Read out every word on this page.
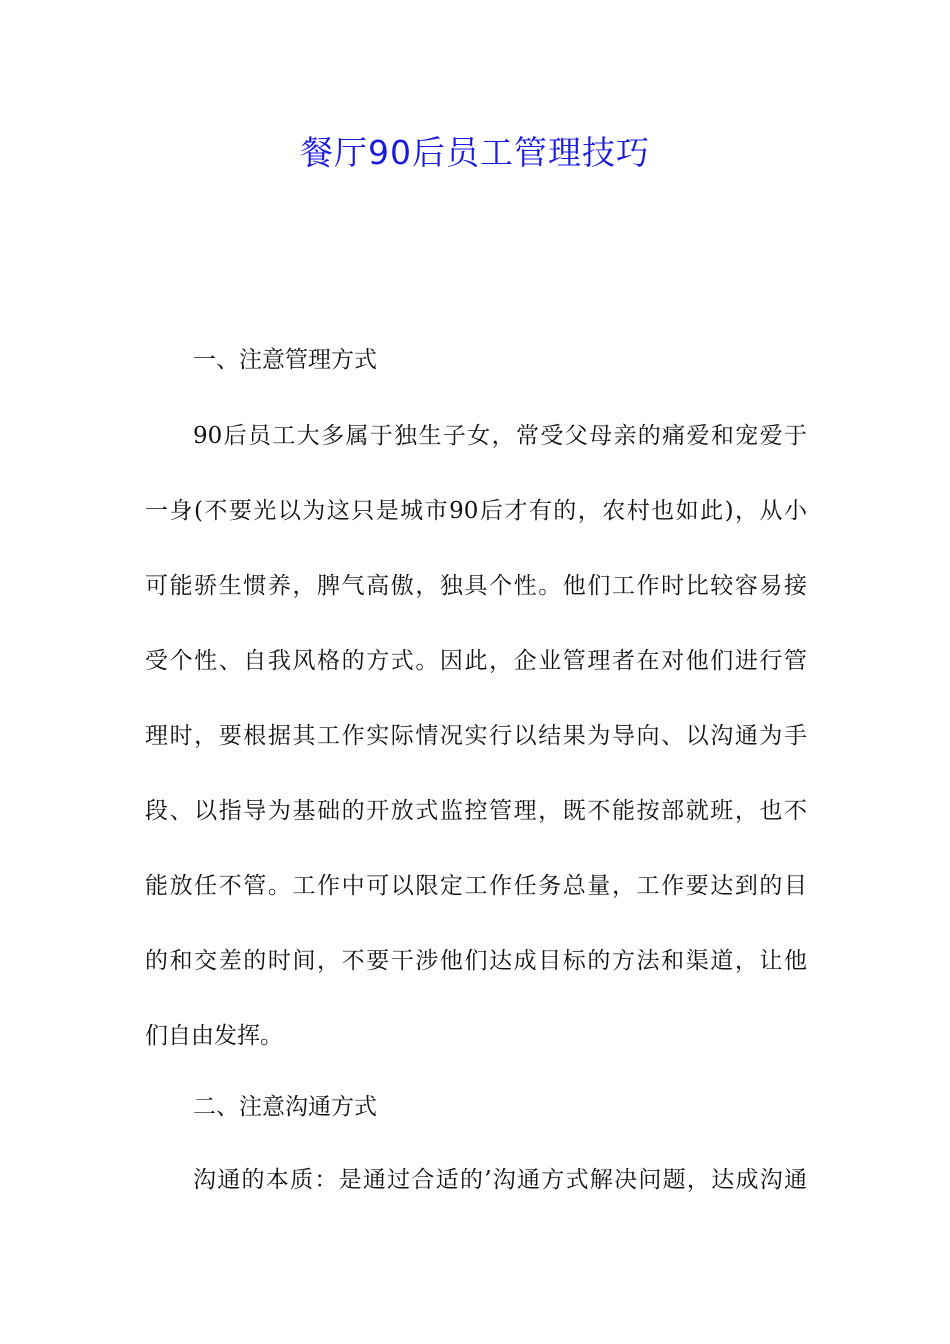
餐厅90后员工管理技巧
一、注意管理方式
90后员工大多属于独生子女，常受父母亲的痛爱和宠爱于
一身(不要光以为这只是城市90后才有的，农村也如此)，从小
可能骄生惯养，脾气高傲，独具个性。他们工作时比较容易接
受个性、自我风格的方式。因此，企业管理者在对他们进行管
理时，要根据其工作实际情况实行以结果为导向、以沟通为手
段、以指导为基础的开放式监控管理，既不能按部就班，也不
能放任不管。工作中可以限定工作任务总量，工作要达到的目
的和交差的时间，不要干涉他们达成目标的方法和渠道，让他
们自由发挥。
二、注意沟通方式
沟通的本质：是通过合适的’沟通方式解决问题，达成沟通
